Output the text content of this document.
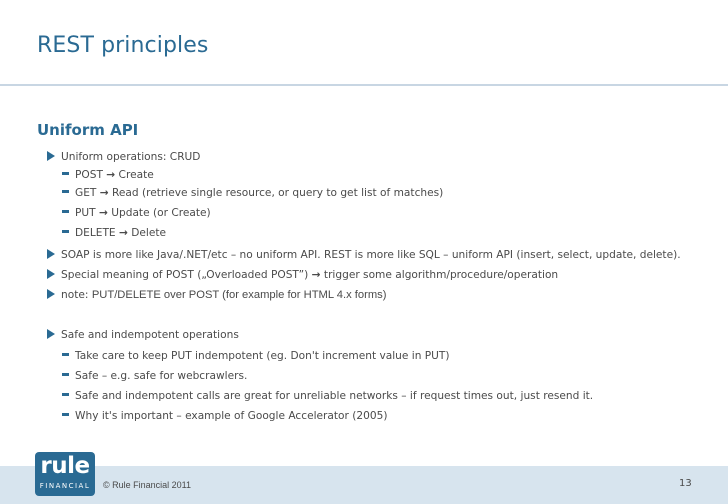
REST principles
Uniform API
Uniform operations: CRUD
POST → Create
GET → Read (retrieve single resource, or query to get list of matches)
PUT → Update (or Create)
DELETE → Delete
SOAP is more like Java/.NET/etc – no uniform API. REST is more like SQL – uniform API (insert, select, update, delete).
Special meaning of POST („Overloaded POST”) → trigger some algorithm/procedure/operation
note: PUT/DELETE over POST (for example for HTML 4.x forms)
Safe and indempotent operations
Take care to keep PUT indempotent (eg. Don't increment value in PUT)
Safe – e.g. safe for webcrawlers.
Safe and indempotent calls are great for unreliable networks – if request times out, just resend it.
Why it's important – example of Google Accelerator (2005)
rule
FINANCIAL	© Rule Financial 2011	13
